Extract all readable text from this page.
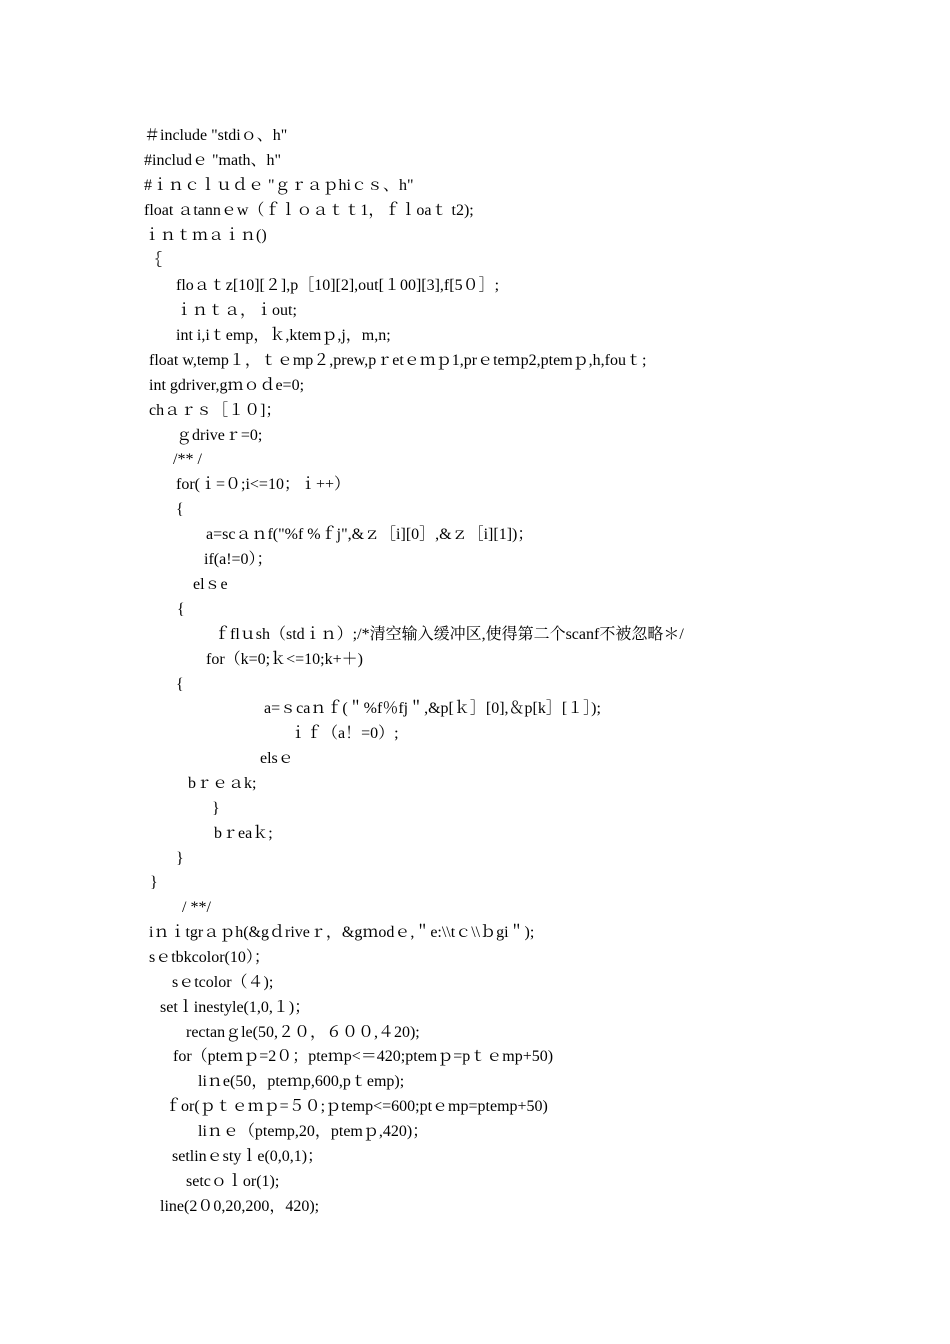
＃include "stdiｏ、h"
#includｅ "math、h"
#ｉｎｃｌｕｄｅ "ｇｒａｐhiｃｓ、h"
float ａtannｅw（ｆｌｏａｔｔ1，ｆｌoaｔ t2);
ｉｎｔｍａｉｎ()
｛
floａｔz[10][２],p［10][2],out[１00][3],f[5０］;
ｉｎｔａ，ｉout;
int i,iｔemp，ｋ,ktemｐ,j，m,n;
float w,temp１，ｔｅmp２,prew,pｒetｅｍｐ1,prｅteｍp2,ptemｐ,h,fouｔ;
int gdriver,gｍｏｄe=0;
chａｒｓ［１０]；
ｇdriveｒ=0;
/** /
for(ｉ=０;i<=10；ｉ++）
{
a=scａｎf("%f %ｆj",&ｚ［i][0］,&ｚ［i][1])；
if(a!=0）；
elｓe
{
ｆflｕsh（stdｉｎ）;/*清空输入缓冲区,使得第二个scanf不被忽略＊/
for（k=0;ｋ<=10;k+＋)
{
a=ｓcaｎｆ(＂%f％fj＂,&p[ｋ］[0],＆p[k］[１］);
ｉｆ（a！=0）;
elsｅ
bｒｅａk;
}
bｒeaｋ;
}
}
/ **/
iｎｉtgrａｐh(&gｄriveｒ，&gｍodｅ,＂e:\\tｃ\\ｂgi＂);
sｅtbkcolor(10）；
sｅtcolor（４);
setｌinestyle(1,0,１)；
rectanｇle(50,２０，６００,４20);
for（pteｍｐ=2０；pteｍp<＝420;ptemｐ=pｔｅmp+50)
liｎe(50，pteｍp,600,pｔemp);
ｆor(ｐｔｅｍｐ=５０;ｐtemp<=600;ptｅmp=ptemp+50)
liｎｅ（ptemp,20，ptemｐ,420)；
setlinｅstyｌe(0,0,1)；
setcｏｌor(1);
line(2０0,20,200，420);
